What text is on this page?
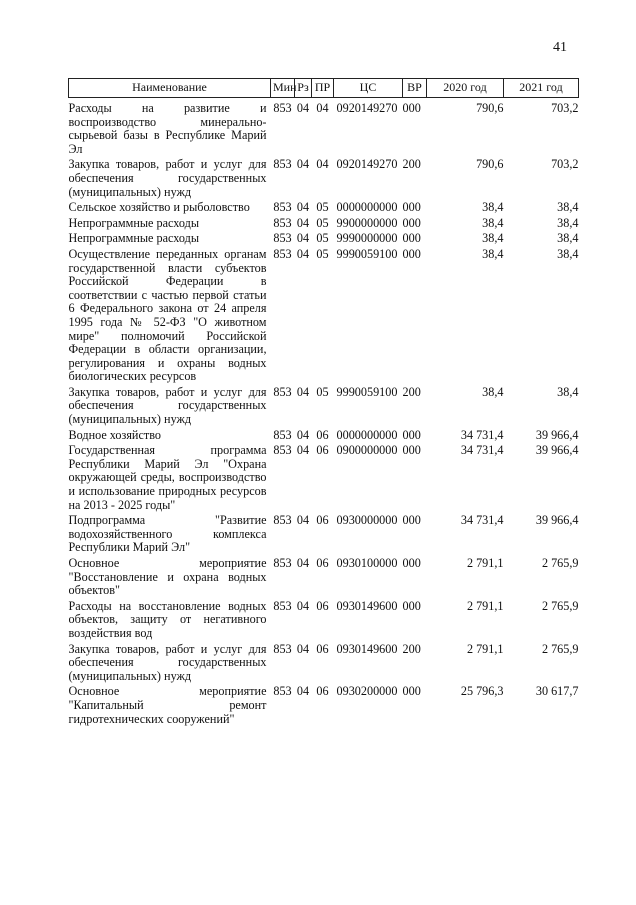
41
Наименование	Мин	Рз	ПР	ЦС	ВР	2020 год	2021 год
Расходы на развитие и воспроизводство минерально-сырьевой базы в Республике Марий Эл	853	04	04	0920149270	000	790,6	703,2
Закупка товаров, работ и услуг для обеспечения государственных (муниципальных) нужд	853	04	04	0920149270	200	790,6	703,2
Сельское хозяйство и рыболовство	853	04	05	0000000000	000	38,4	38,4
Непрограммные расходы	853	04	05	9900000000	000	38,4	38,4
Непрограммные расходы	853	04	05	9990000000	000	38,4	38,4
Осуществление переданных органам государственной власти субъектов Российской Федерации в соответствии с частью первой статьи 6 Федерального закона от 24 апреля 1995 года № 52-ФЗ "О животном мире" полномочий Российской Федерации в области организации, регулирования и охраны водных биологических ресурсов	853	04	05	9990059100	000	38,4	38,4
Закупка товаров, работ и услуг для обеспечения государственных (муниципальных) нужд	853	04	05	9990059100	200	38,4	38,4
Водное хозяйство	853	04	06	0000000000	000	34 731,4	39 966,4
Государственная программа Республики Марий Эл "Охрана окружающей среды, воспроизводство и использование природных ресурсов на 2013 - 2025 годы"	853	04	06	0900000000	000	34 731,4	39 966,4
Подпрограмма "Развитие водохозяйственного комплекса Республики Марий Эл"	853	04	06	0930000000	000	34 731,4	39 966,4
Основное мероприятие "Восстановление и охрана водных объектов"	853	04	06	0930100000	000	2 791,1	2 765,9
Расходы на восстановление водных объектов, защиту от негативного воздействия вод	853	04	06	0930149600	000	2 791,1	2 765,9
Закупка товаров, работ и услуг для обеспечения государственных (муниципальных) нужд	853	04	06	0930149600	200	2 791,1	2 765,9
Основное мероприятие "Капитальный ремонт гидротехнических сооружений"	853	04	06	0930200000	000	25 796,3	30 617,7
